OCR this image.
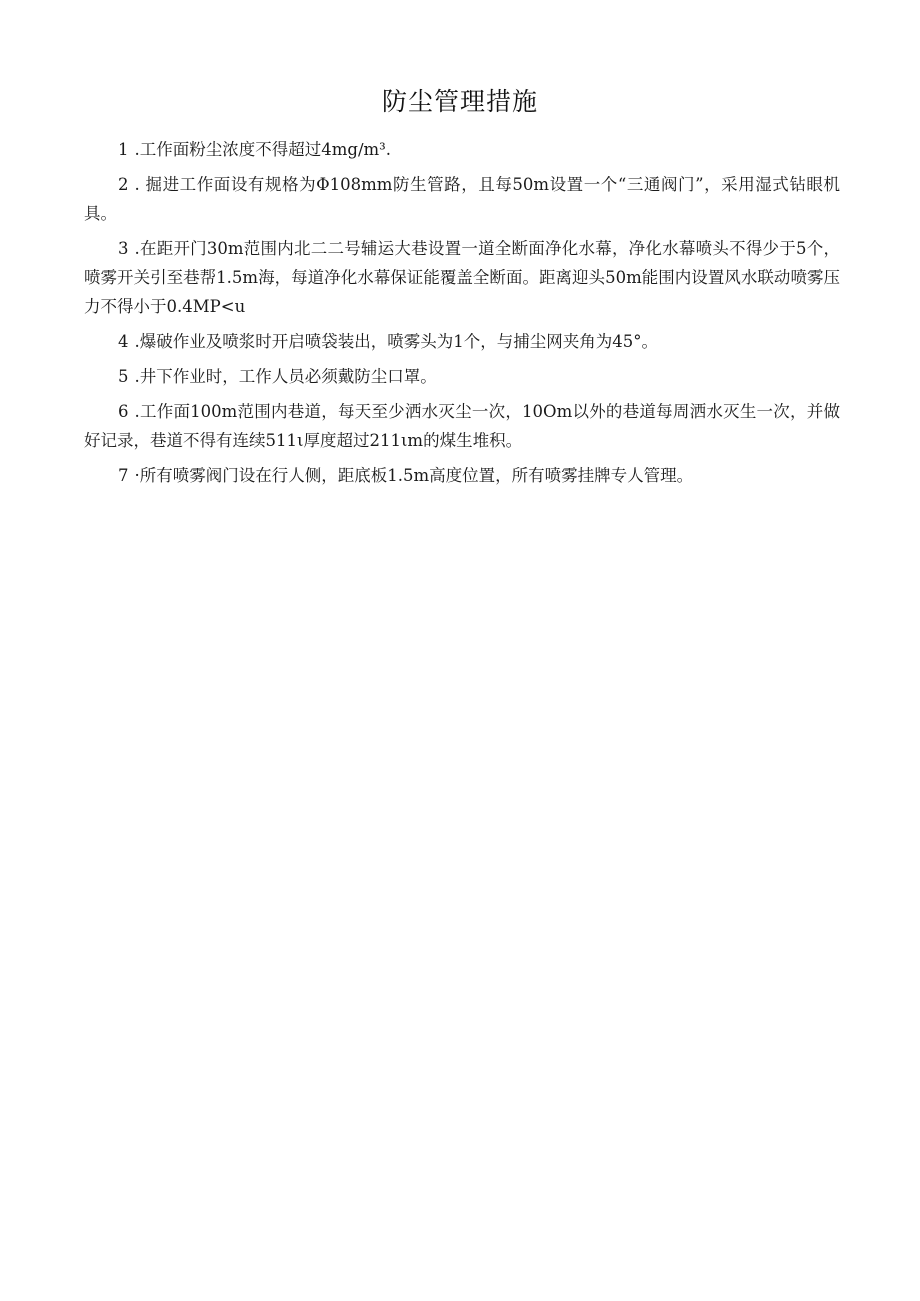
防尘管理措施

1 .工作面粉尘浓度不得超过4mg∕m³.

2 . 掘进工作面设有规格为Φ108mm防生管路，且每50m设置一个“三通阀门”，采用湿式钻眼机具。

3 .在距开门30m范围内北二二号辅运大巷设置一道全断面净化水幕，净化水幕喷头不得少于5个，喷雾开关引至巷帮1.5m海，每道净化水幕保证能覆盖全断面。距离迎头50m能围内设置风水联动喷雾压力不得小于0.4MP<u

4 .爆破作业及喷浆时开启喷袋装出，喷雾头为1个，与捕尘网夹角为45°。

5 .井下作业时，工作人员必须戴防尘口罩。

6 .工作面100m范围内巷道，每天至少洒水灭尘一次，10Om以外的巷道每周洒水灭生一次，并做好记录，巷道不得有连续511ι厚度超过211ιm的煤生堆积。

7 ·所有喷雾阀门设在行人侧，距底板1.5m高度位置，所有喷雾挂牌专人管理。
